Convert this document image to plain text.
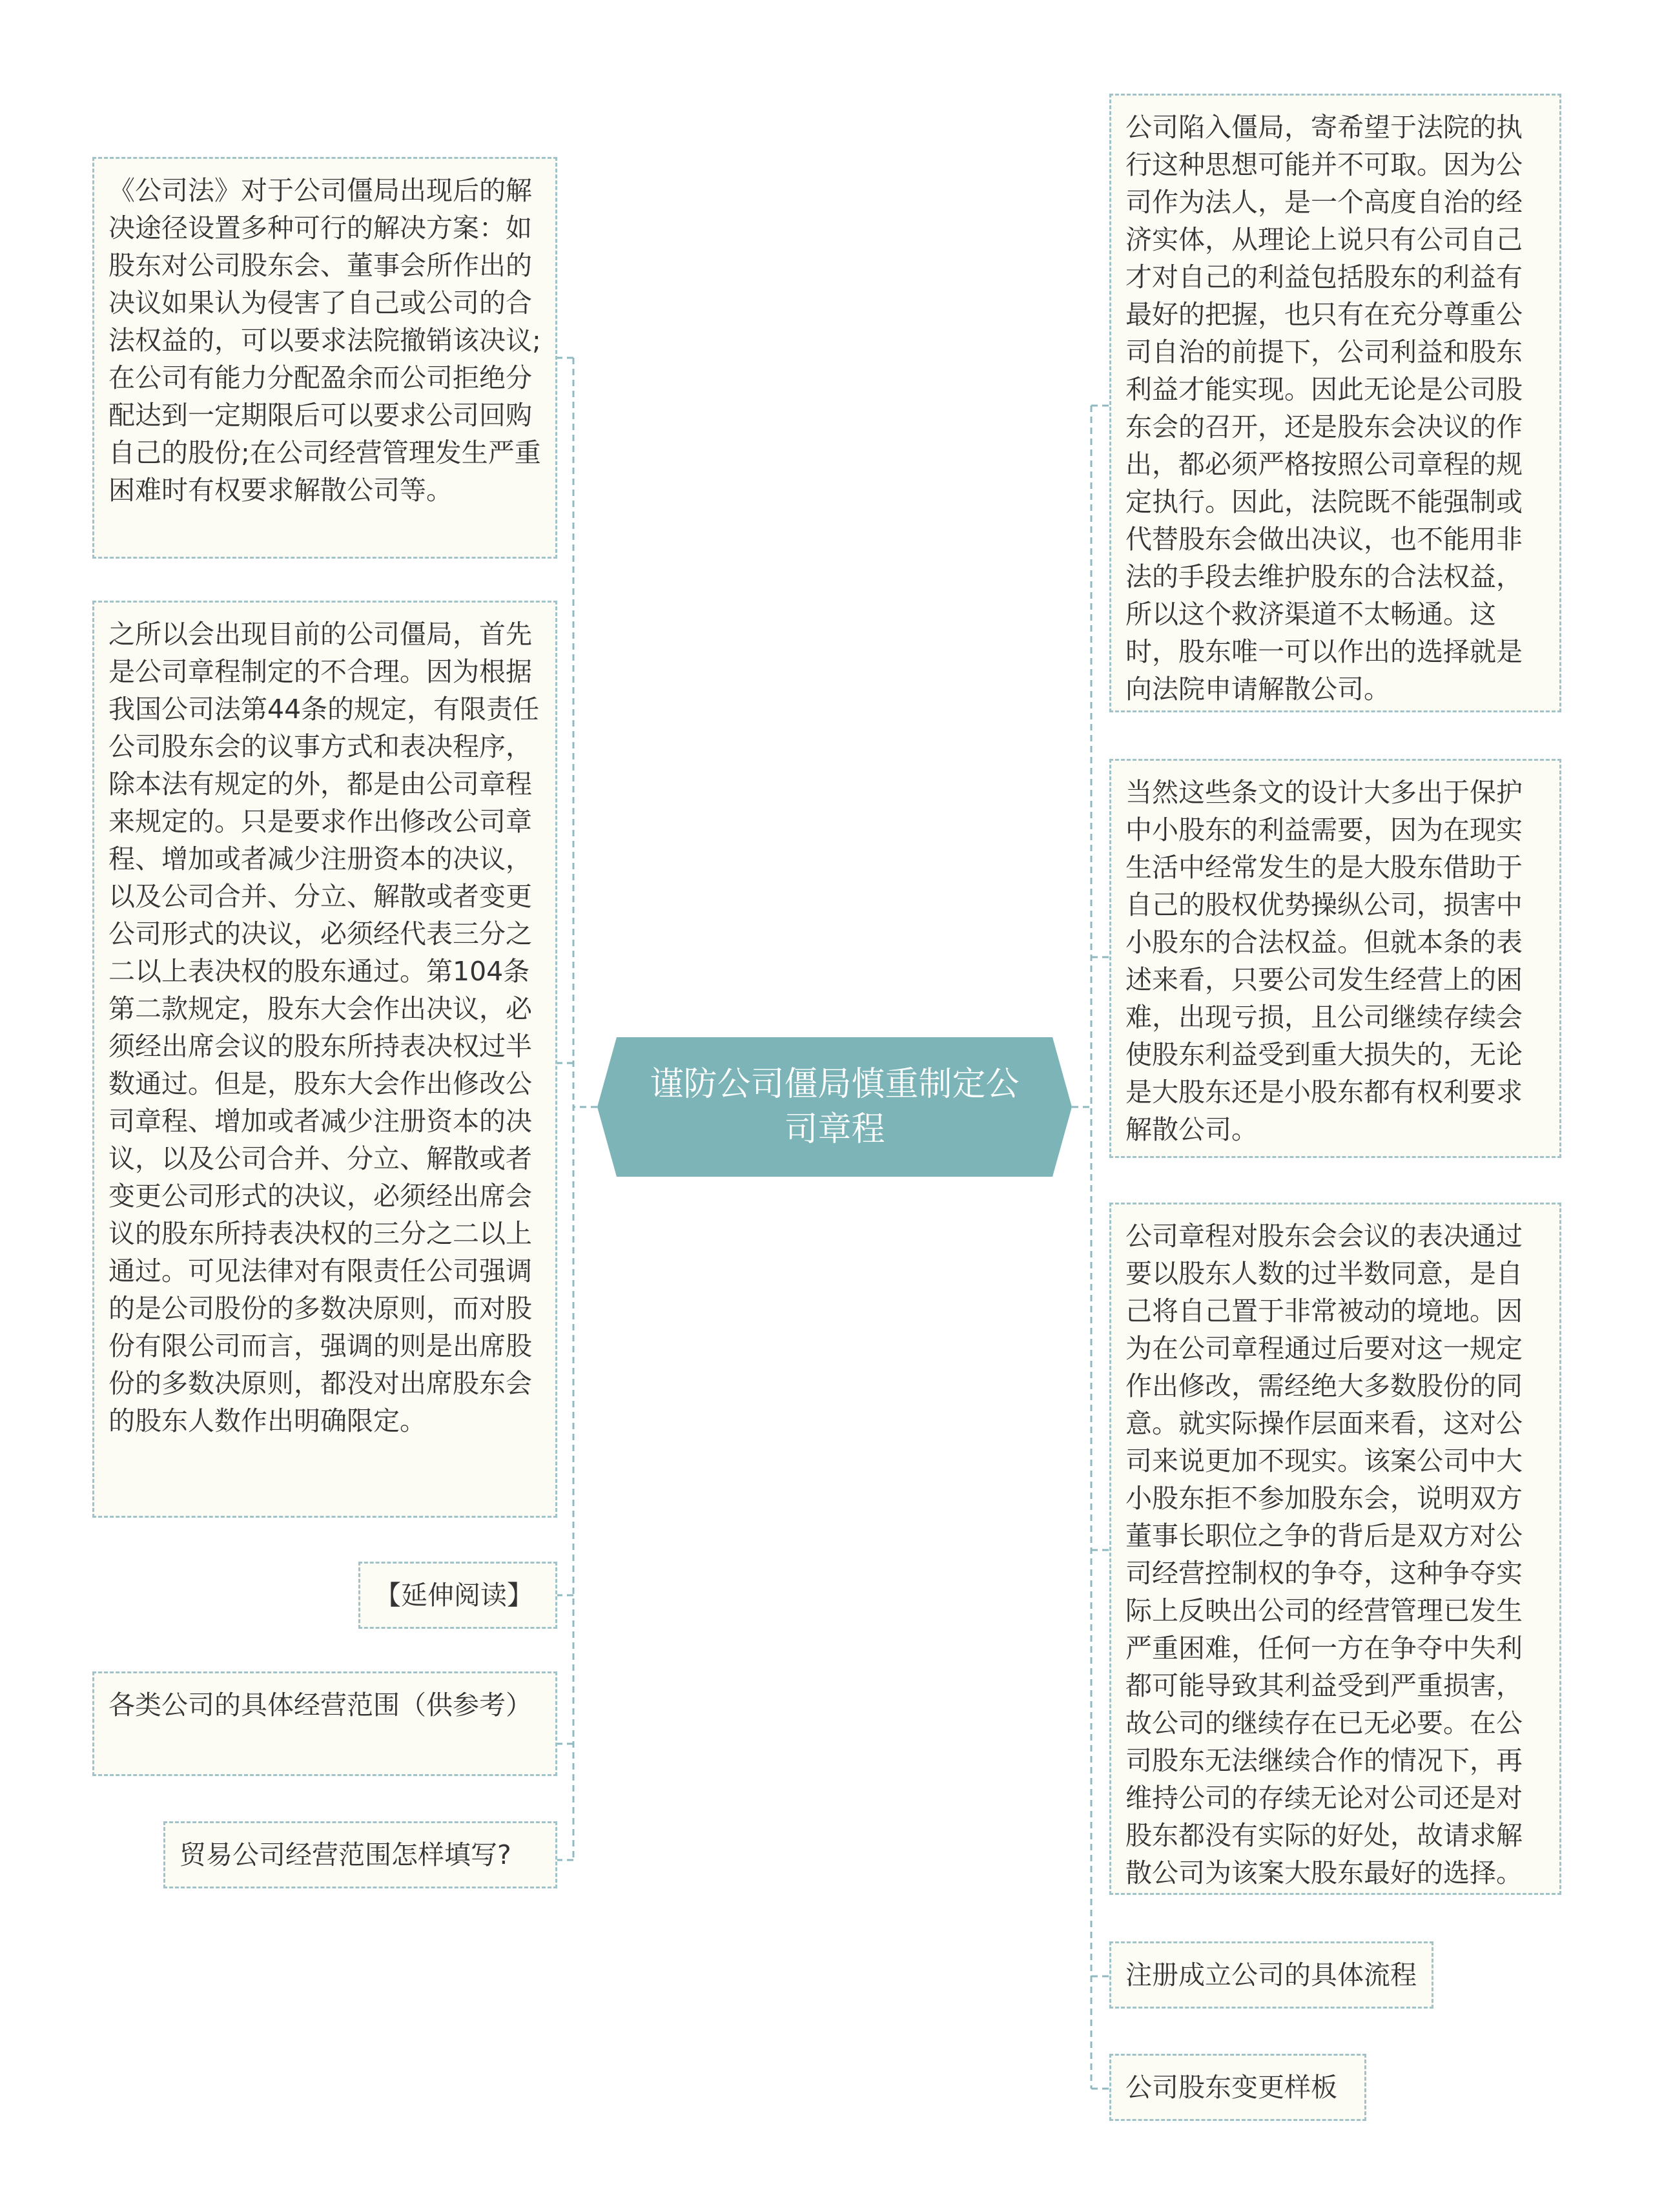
谨防公司僵局慎重制定公司章程
《公司法》对于公司僵局出现后的解决途径设置多种可行的解决方案：如股东对公司股东会、董事会所作出的决议如果认为侵害了自己或公司的合法权益的，可以要求法院撤销该决议;在公司有能力分配盈余而公司拒绝分配达到一定期限后可以要求公司回购自己的股份;在公司经营管理发生严重困难时有权要求解散公司等。
之所以会出现目前的公司僵局，首先是公司章程制定的不合理。因为根据我国公司法第44条的规定，有限责任公司股东会的议事方式和表决程序，除本法有规定的外，都是由公司章程来规定的。只是要求作出修改公司章程、增加或者减少注册资本的决议，以及公司合并、分立、解散或者变更公司形式的决议，必须经代表三分之二以上表决权的股东通过。第104条第二款规定，股东大会作出决议，必须经出席会议的股东所持表决权过半数通过。但是，股东大会作出修改公司章程、增加或者减少注册资本的决议，以及公司合并、分立、解散或者变更公司形式的决议，必须经出席会议的股东所持表决权的三分之二以上通过。可见法律对有限责任公司强调的是公司股份的多数决原则，而对股份有限公司而言，强调的则是出席股份的多数决原则，都没对出席股东会的股东人数作出明确限定。
【延伸阅读】
各类公司的具体经营范围（供参考）
贸易公司经营范围怎样填写?
公司陷入僵局，寄希望于法院的执行这种思想可能并不可取。因为公司作为法人，是一个高度自治的经济实体，从理论上说只有公司自己才对自己的利益包括股东的利益有最好的把握，也只有在充分尊重公司自治的前提下，公司利益和股东利益才能实现。因此无论是公司股东会的召开，还是股东会决议的作出，都必须严格按照公司章程的规定执行。因此，法院既不能强制或代替股东会做出决议，也不能用非法的手段去维护股东的合法权益，所以这个救济渠道不太畅通。这时，股东唯一可以作出的选择就是向法院申请解散公司。
当然这些条文的设计大多出于保护中小股东的利益需要，因为在现实生活中经常发生的是大股东借助于自己的股权优势操纵公司，损害中小股东的合法权益。但就本条的表述来看，只要公司发生经营上的困难，出现亏损，且公司继续存续会使股东利益受到重大损失的，无论是大股东还是小股东都有权利要求解散公司。
公司章程对股东会会议的表决通过要以股东人数的过半数同意，是自己将自己置于非常被动的境地。因为在公司章程通过后要对这一规定作出修改，需经绝大多数股份的同意。就实际操作层面来看，这对公司来说更加不现实。该案公司中大小股东拒不参加股东会，说明双方董事长职位之争的背后是双方对公司经营控制权的争夺，这种争夺实际上反映出公司的经营管理已发生严重困难，任何一方在争夺中失利都可能导致其利益受到严重损害，故公司的继续存在已无必要。在公司股东无法继续合作的情况下，再维持公司的存续无论对公司还是对股东都没有实际的好处，故请求解散公司为该案大股东最好的选择。
注册成立公司的具体流程
公司股东变更样板
